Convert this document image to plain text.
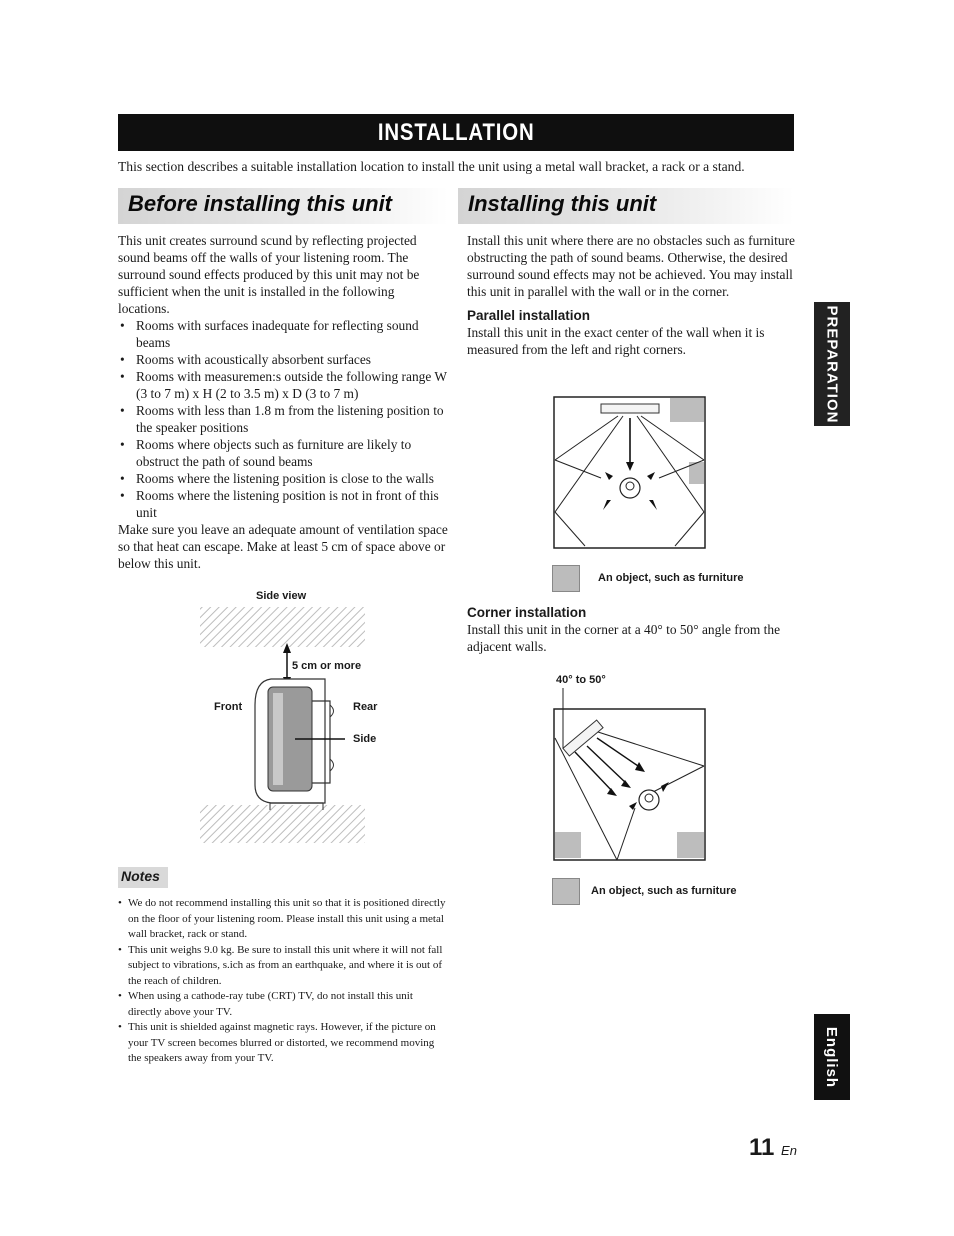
INSTALLATION
This section describes a suitable installation location to install the unit using a metal wall bracket, a rack or a stand.
Before installing this unit

This unit creates surround scund by reflecting projected sound beams off the walls of your listening room. The surround sound effects produced by this unit may not be sufficient when the unit is installed in the following locations.

• Rooms with surfaces inadequate for reflecting sound beams
• Rooms with acoustically absorbent surfaces
• Rooms with measuremen:s outside the following range W (3 to 7 m) x H (2 to 3.5 m) x D (3 to 7 m)
• Rooms with less than 1.8 m from the listening position to the speaker positions
• Rooms where objects such as furniture are likely to obstruct the path of sound beams
• Rooms where the listening position is close to the walls
• Rooms where the listening position is not in front of this unit

Make sure you leave an adequate amount of ventilation space so that heat can escape. Make at least 5 cm of space above or below this unit.

Side view
5 cm or more
Front	Rear
Side
Notes
• We do not recommend installing this unit so that it is positioned directly on the floor of your listening room. Please install this unit using a metal wall bracket, rack or stand.
• This unit weighs 9.0 kg. Be sure to install this unit where it will not fall subject to vibrations, s.ich as from an earthquake, and where it is out of the reach of children.
• When using a cathode-ray tube (CRT) TV, do not install this unit directly above your TV.
• This unit is shielded against magnetic rays. However, if the picture on your TV screen becomes blurred or distorted, we recommend moving the speakers away from your TV.
Installing this unit

Install this unit where there are no obstacles such as furniture obstructing the path of sound beams. Otherwise, the desired surround sound effects may not be achieved. You may install this unit in parallel with the wall or in the corner.

Parallel installation

Install this unit in the exact center of the wall when it is measured from the left and right corners.

An object, such as furniture

Corner installation

Install this unit in the corner at a 40° to 50° angle from the adjacent walls.

40° to 50°
An object, such as furniture
PREPARATION
English
11 En
